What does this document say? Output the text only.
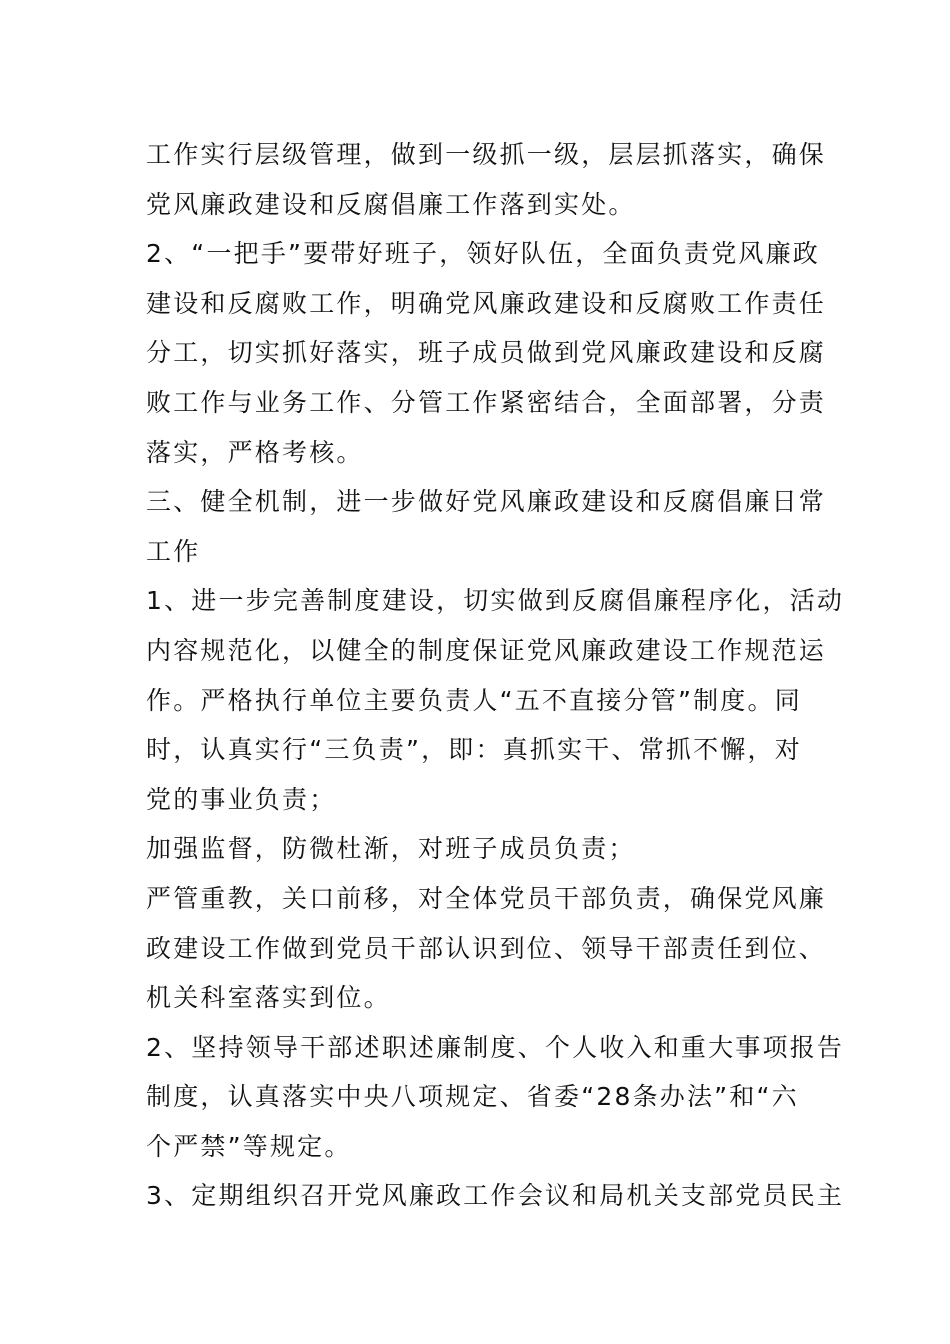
工作实行层级管理，做到一级抓一级，层层抓落实，确保
党风廉政建设和反腐倡廉工作落到实处。
2、“一把手”要带好班子，领好队伍，全面负责党风廉政
建设和反腐败工作，明确党风廉政建设和反腐败工作责任
分工，切实抓好落实，班子成员做到党风廉政建设和反腐
败工作与业务工作、分管工作紧密结合，全面部署，分责
落实，严格考核。
三、健全机制，进一步做好党风廉政建设和反腐倡廉日常
工作
1、进一步完善制度建设，切实做到反腐倡廉程序化，活动
内容规范化，以健全的制度保证党风廉政建设工作规范运
作。严格执行单位主要负责人“五不直接分管”制度。同
时，认真实行“三负责”，即：真抓实干、常抓不懈，对
党的事业负责；
加强监督，防微杜渐，对班子成员负责；
严管重教，关口前移，对全体党员干部负责，确保党风廉
政建设工作做到党员干部认识到位、领导干部责任到位、
机关科室落实到位。
2、坚持领导干部述职述廉制度、个人收入和重大事项报告
制度，认真落实中央八项规定、省委“28条办法”和“六
个严禁”等规定。
3、定期组织召开党风廉政工作会议和局机关支部党员民主
